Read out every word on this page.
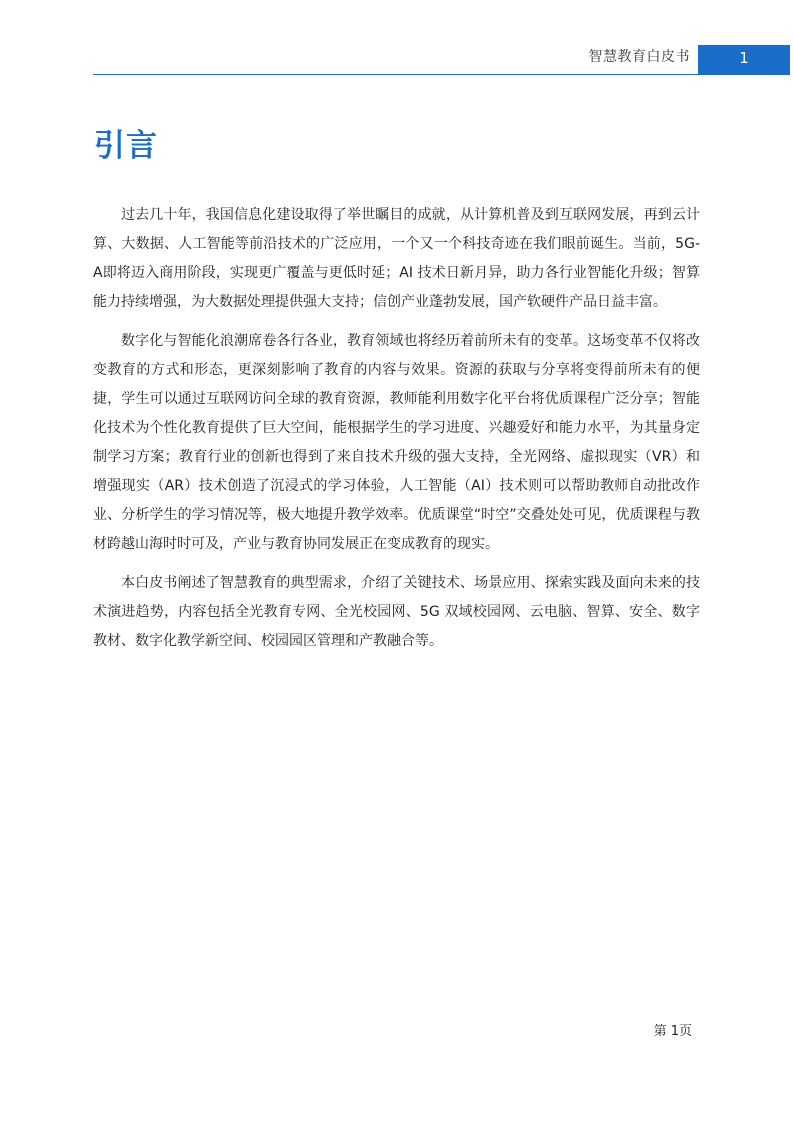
智慧教育白皮书	1
引言

过去几十年，我国信息化建设取得了举世瞩目的成就，从计算机普及到互联网发展，再到云计算、大数据、人工智能等前沿技术的广泛应用，一个又一个科技奇迹在我们眼前诞生。当前，5G-A即将迈入商用阶段，实现更广覆盖与更低时延；AI 技术日新月异，助力各行业智能化升级；智算能力持续增强，为大数据处理提供强大支持；信创产业蓬勃发展，国产软硬件产品日益丰富。

数字化与智能化浪潮席卷各行各业，教育领域也将经历着前所未有的变革。这场变革不仅将改变教育的方式和形态，更深刻影响了教育的内容与效果。资源的获取与分享将变得前所未有的便捷，学生可以通过互联网访问全球的教育资源，教师能利用数字化平台将优质课程广泛分享；智能化技术为个性化教育提供了巨大空间，能根据学生的学习进度、兴趣爱好和能力水平，为其量身定制学习方案；教育行业的创新也得到了来自技术升级的强大支持，全光网络、虚拟现实（VR）和增强现实（AR）技术创造了沉浸式的学习体验，人工智能（AI）技术则可以帮助教师自动批改作业、分析学生的学习情况等，极大地提升教学效率。优质课堂“时空”交叠处处可见，优质课程与教材跨越山海时时可及，产业与教育协同发展正在变成教育的现实。

本白皮书阐述了智慧教育的典型需求，介绍了关键技术、场景应用、探索实践及面向未来的技术演进趋势，内容包括全光教育专网、全光校园网、5G 双域校园网、云电脑、智算、安全、数字教材、数字化教学新空间、校园园区管理和产教融合等。

第 1页
